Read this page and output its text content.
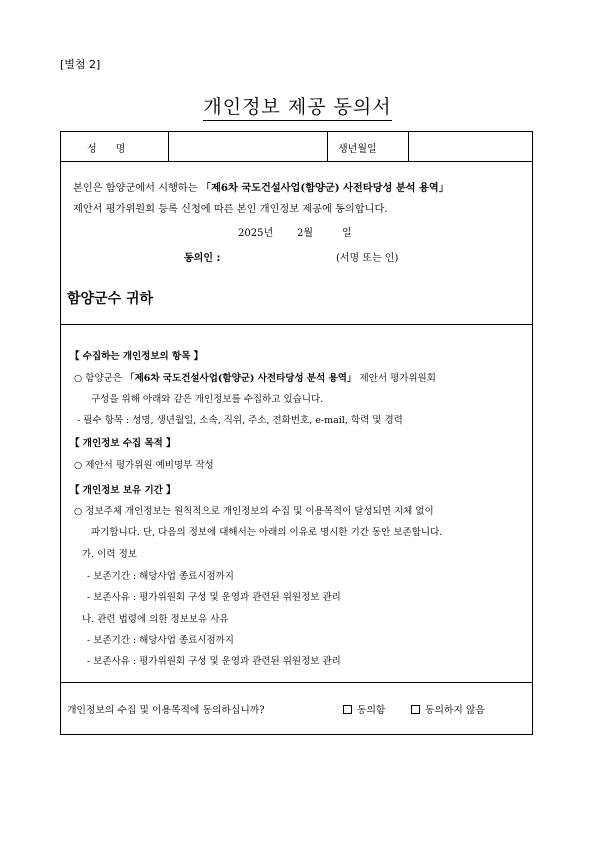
[별첨 2]
개인정보 제공 동의서
성      명	생년월일
본인은 함양군에서 시행하는 「제6차 국도건설사업(함양군) 사전타당성 분석 용역」
제안서 평가위원회 등록 신청에 따른 본인 개인정보 제공에 동의합니다.
2025년 2월	일
동의인 :	(서명 또는 인)
함양군수 귀하
【 수집하는 개인정보의 항목 】
○ 함양군은 「제6차 국도건설사업(함양군) 사전타당성 분석 용역」 제안서 평가위원회
구성을 위해 아래와 같은 개인정보를 수집하고 있습니다.
- 필수 항목 : 성명, 생년월일, 소속, 직위, 주소, 전화번호, e-mail, 학력 및 경력
【 개인정보 수집 목적 】
○ 제안서 평가위원 예비명부 작성
【 개인정보 보유 기간 】
○ 정보주체 개인정보는 원칙적으로 개인정보의 수집 및 이용목적이 달성되면 지체 없이
파기합니다. 단, 다음의 정보에 대해서는 아래의 이유로 명시한 기간 동안 보존합니다.
가. 이력 정보
- 보존기간 : 해당사업 종료시점까지
- 보존사유 : 평가위원회 구성 및 운영과 관련된 위원정보 관리
나. 관련 법령에 의한 정보보유 사유
- 보존기간 : 해당사업 종료시점까지
- 보존사유 : 평가위원회 구성 및 운영과 관련된 위원정보 관리
개인정보의 수집 및 이용목적에 동의하십니까?	동의함	동의하지 않음
